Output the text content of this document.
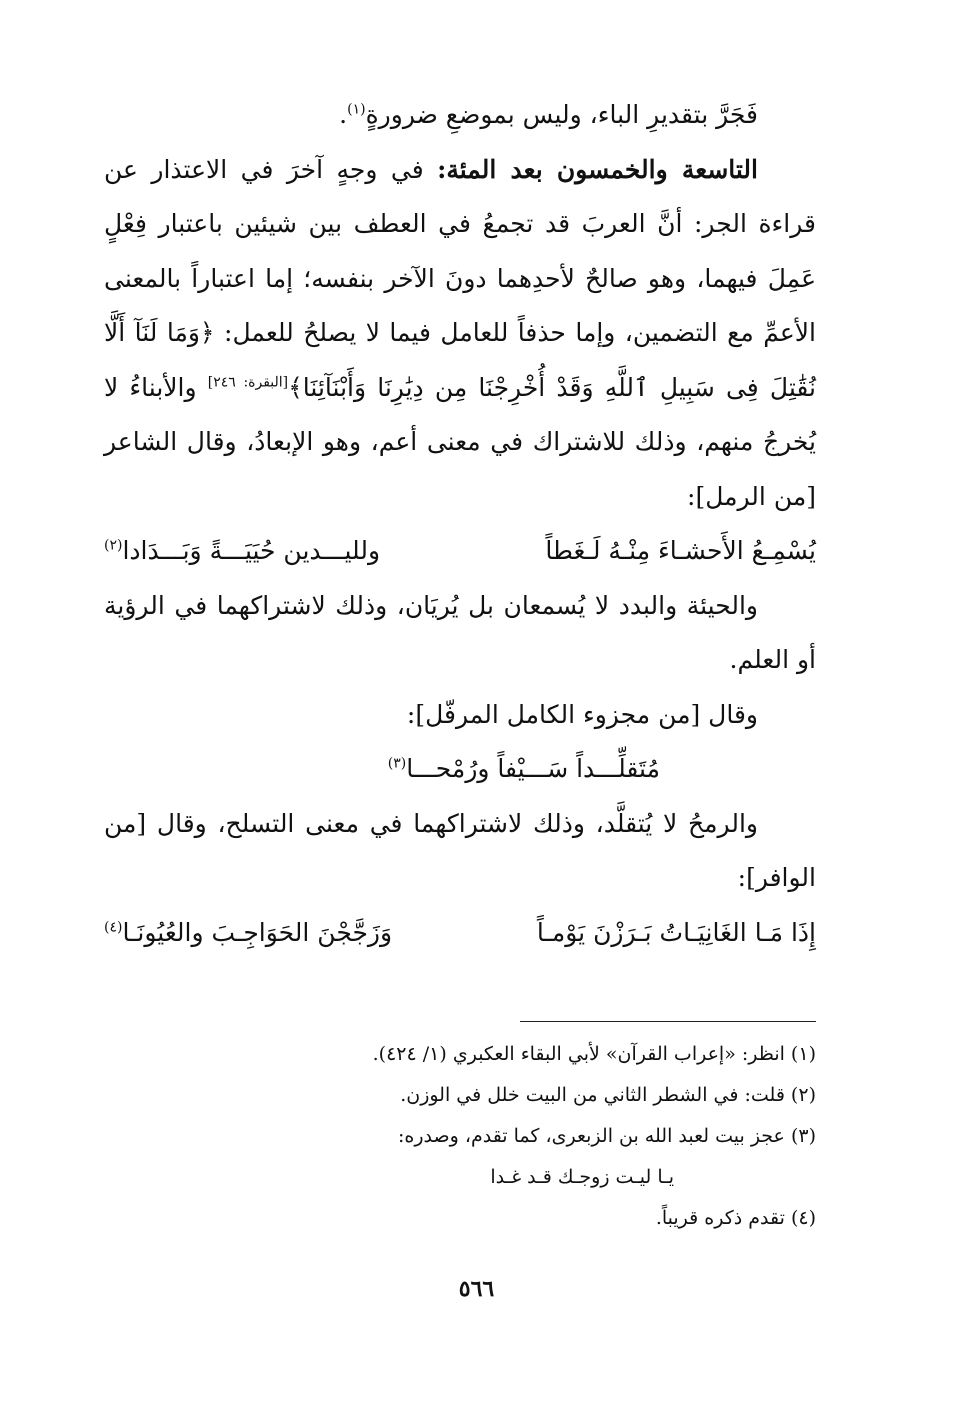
فَجَرَّ بتقديرِ الباء، وليس بموضعِ ضرورةٍ$^{(١)}$.

التاسعة والخمسون بعد المئة: في وجهٍ آخرَ في الاعتذار عن قراءة الجر: أنَّ العربَ قد تجمعُ في العطف بين شيئين باعتبار فِعْلٍ عَمِلَ فيهما، وهو صالحٌ لأحدِهما دونَ الآخر بنفسه؛ إما اعتباراً بالمعنى الأعمِّ مع التضمين، وإما حذفاً للعامل فيما لا يصلحُ للعمل: ﴿وَمَا لَنَآ أَلَّا نُقَٰتِلَ فِى سَبِيلِ ٱللَّهِ وَقَدْ أُخْرِجْنَا مِن دِيَٰرِنَا وَأَبْنَآئِنَا﴾[البقرة: ٢٤٦] والأبناءُ لا يُخرجُ منهم، وذلك للاشتراك في معنى أعم، وهو الإبعادُ، وقال الشاعر [من الرمل]:

يُسْمِـعُ الأَحشـاءَ مِنْـهُ لَـغَطاً
ولليـــدين حُيَيَـــةً وَبَـــدَادا$^{(٢)}$

والحيئة والبدد لا يُسمعان بل يُريَان، وذلك لاشتراكهما في الرؤية أو العلم.

وقال [من مجزوء الكامل المرفّل]:

مُتَقلِّـــداً سَـــيْفاً ورُمْحـــا$^{(٣)}$

والرمحُ لا يُتقلَّد، وذلك لاشتراكهما في معنى التسلح، وقال [من الوافر]:

إِذَا مَـا الغَانِيَـاتُ بَـرَزْنَ يَوْمـاً
وَزَجَّجْنَ الحَوَاجِـبَ والعُيُونَـا$^{(٤)}$

(١) انظر: «إعراب القرآن» لأبي البقاء العكبري (١/ ٤٢٤).

(٢) قلت: في الشطر الثاني من البيت خلل في الوزن.

(٣) عجز بيت لعبد الله بن الزبعرى، كما تقدم، وصدره:

يـا ليـت زوجـك قـد غـدا

(٤) تقدم ذكره قريباً.

٥٦٦
